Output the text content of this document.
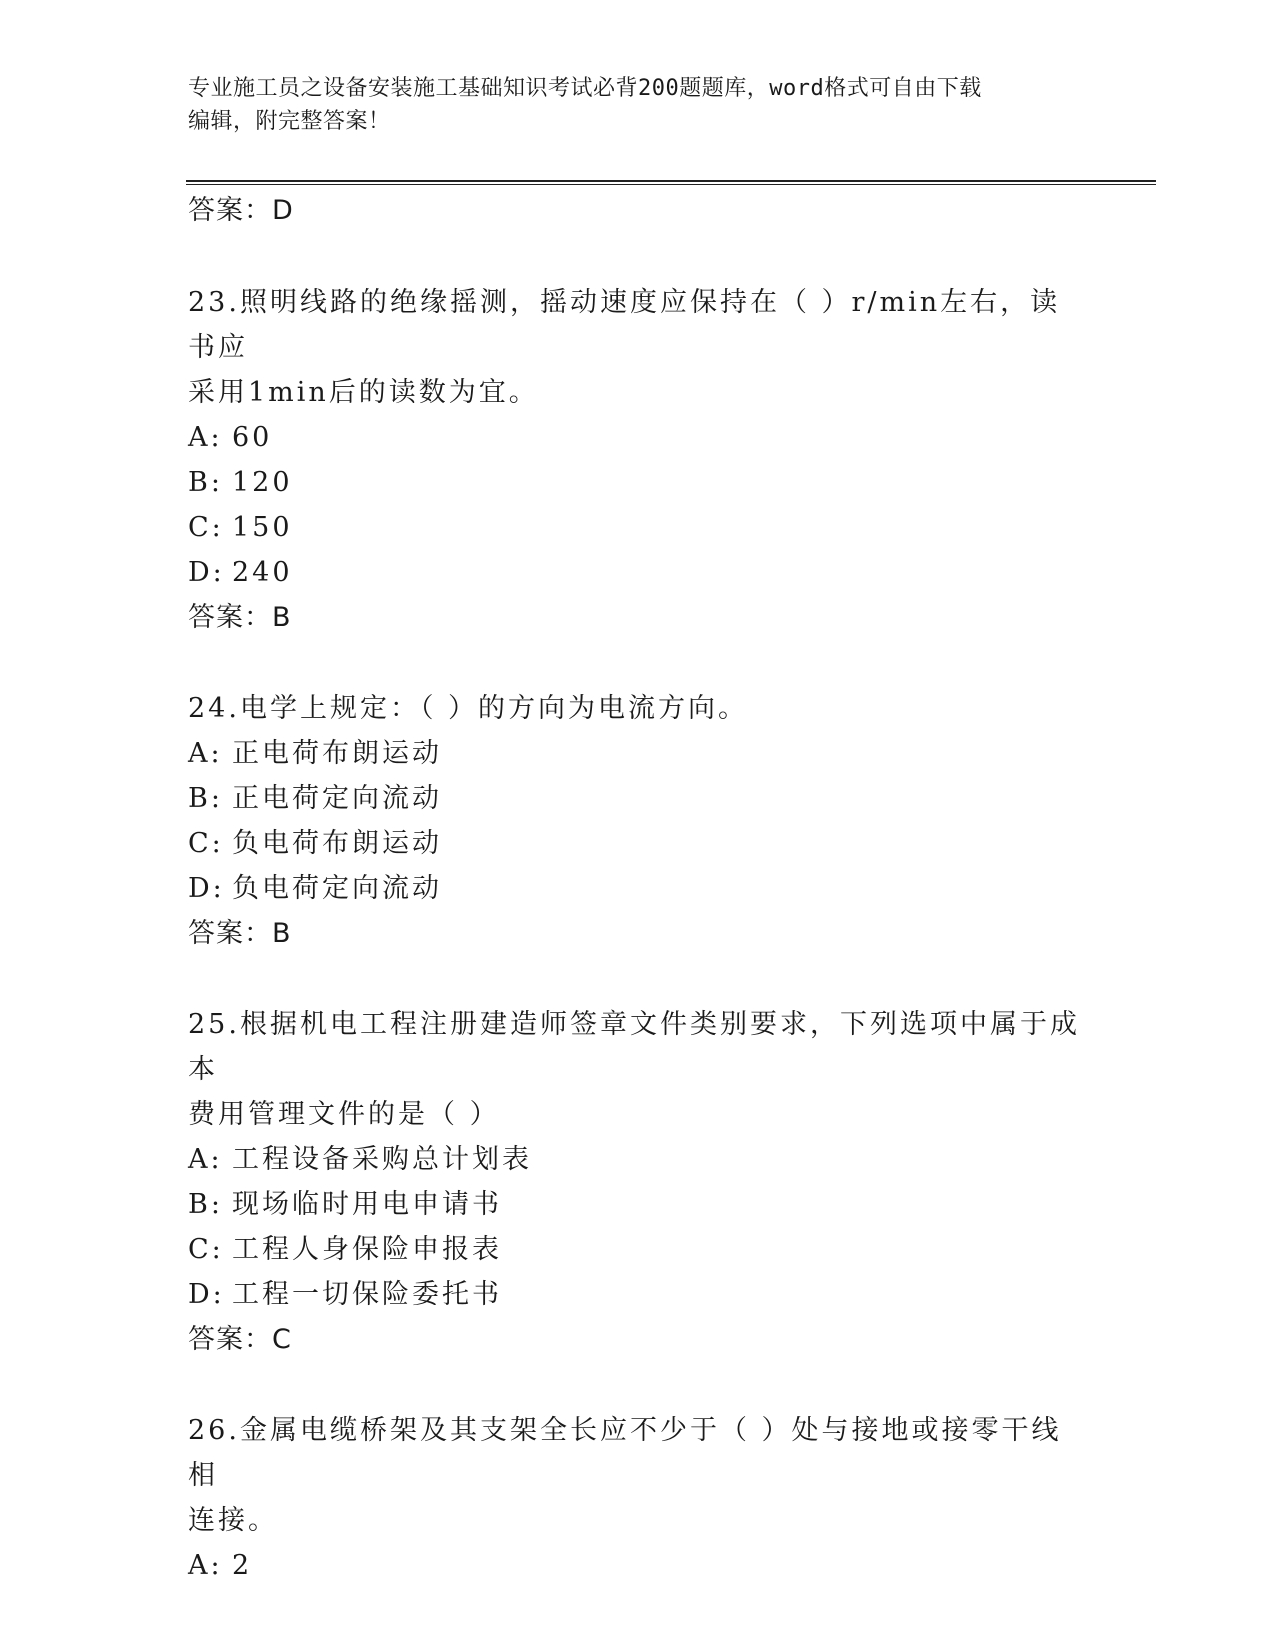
专业施工员之设备安装施工基础知识考试必背200题题库，word格式可自由下载
编辑，附完整答案！
答案：D
23.照明线路的绝缘摇测，摇动速度应保持在（ ）r/min左右，读书应
采用1min后的读数为宜。
A: 60
B: 120
C: 150
D: 240
答案：B
24.电学上规定：（ ）的方向为电流方向。
A: 正电荷布朗运动
B: 正电荷定向流动
C: 负电荷布朗运动
D: 负电荷定向流动
答案：B
25.根据机电工程注册建造师签章文件类别要求，下列选项中属于成本
费用管理文件的是（ ）
A: 工程设备采购总计划表
B: 现场临时用电申请书
C: 工程人身保险申报表
D: 工程一切保险委托书
答案：C
26.金属电缆桥架及其支架全长应不少于（ ）处与接地或接零干线相
连接。
A: 2
